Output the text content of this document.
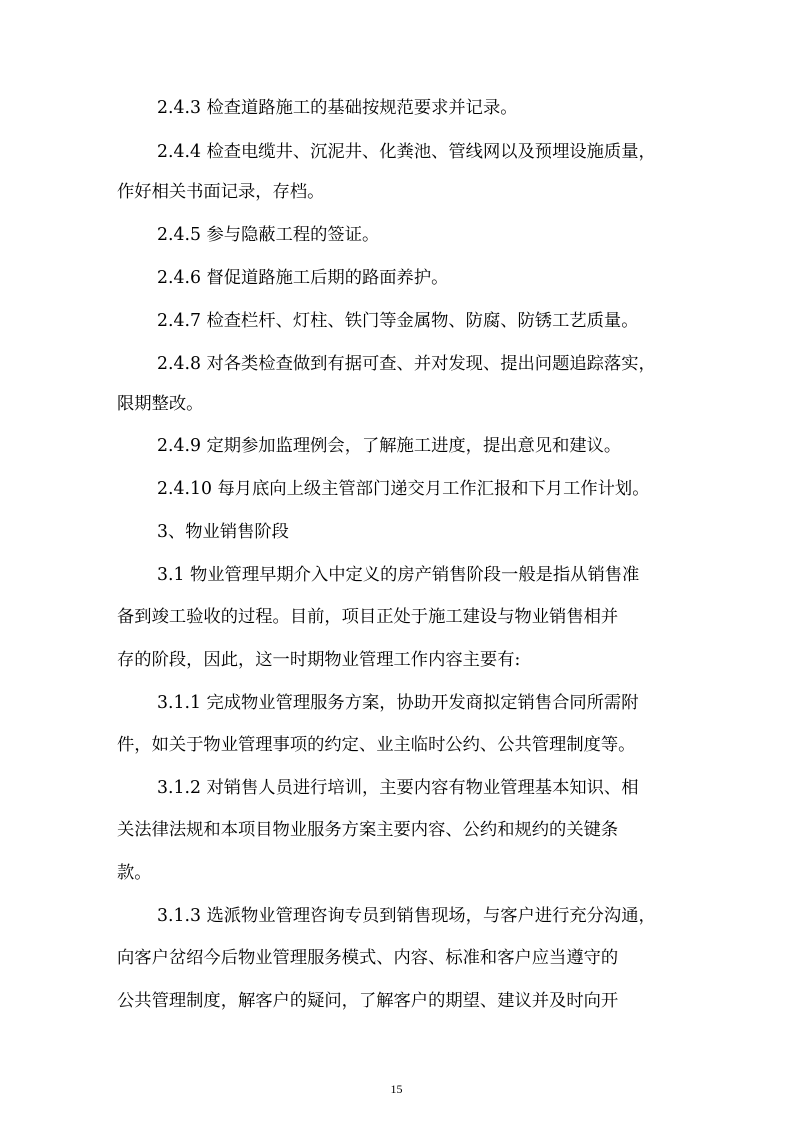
2.4.3 检查道路施工的基础按规范要求并记录。
2.4.4 检查电缆井、沉泥井、化粪池、管线网以及预埋设施质量，
作好相关书面记录，存档。
2.4.5 参与隐蔽工程的签证。
2.4.6 督促道路施工后期的路面养护。
2.4.7 检查栏杆、灯柱、铁门等金属物、防腐、防锈工艺质量。
2.4.8 对各类检查做到有据可查、并对发现、提出问题追踪落实，
限期整改。
2.4.9 定期参加监理例会，了解施工进度，提出意见和建议。
2.4.10 每月底向上级主管部门递交月工作汇报和下月工作计划。
3、物业销售阶段
3.1 物业管理早期介入中定义的房产销售阶段一般是指从销售准
备到竣工验收的过程。目前，项目正处于施工建设与物业销售相并
存的阶段，因此，这一时期物业管理工作内容主要有:
3.1.1 完成物业管理服务方案，协助开发商拟定销售合同所需附
件，如关于物业管理事项的约定、业主临时公约、公共管理制度等。
3.1.2 对销售人员进行培训，主要内容有物业管理基本知识、相
关法律法规和本项目物业服务方案主要内容、公约和规约的关键条
款。
3.1.3 选派物业管理咨询专员到销售现场，与客户进行充分沟通，
向客户岔绍今后物业管理服务模式、内容、标准和客户应当遵守的
公共管理制度，解客户的疑问，了解客户的期望、建议并及时向开
15
